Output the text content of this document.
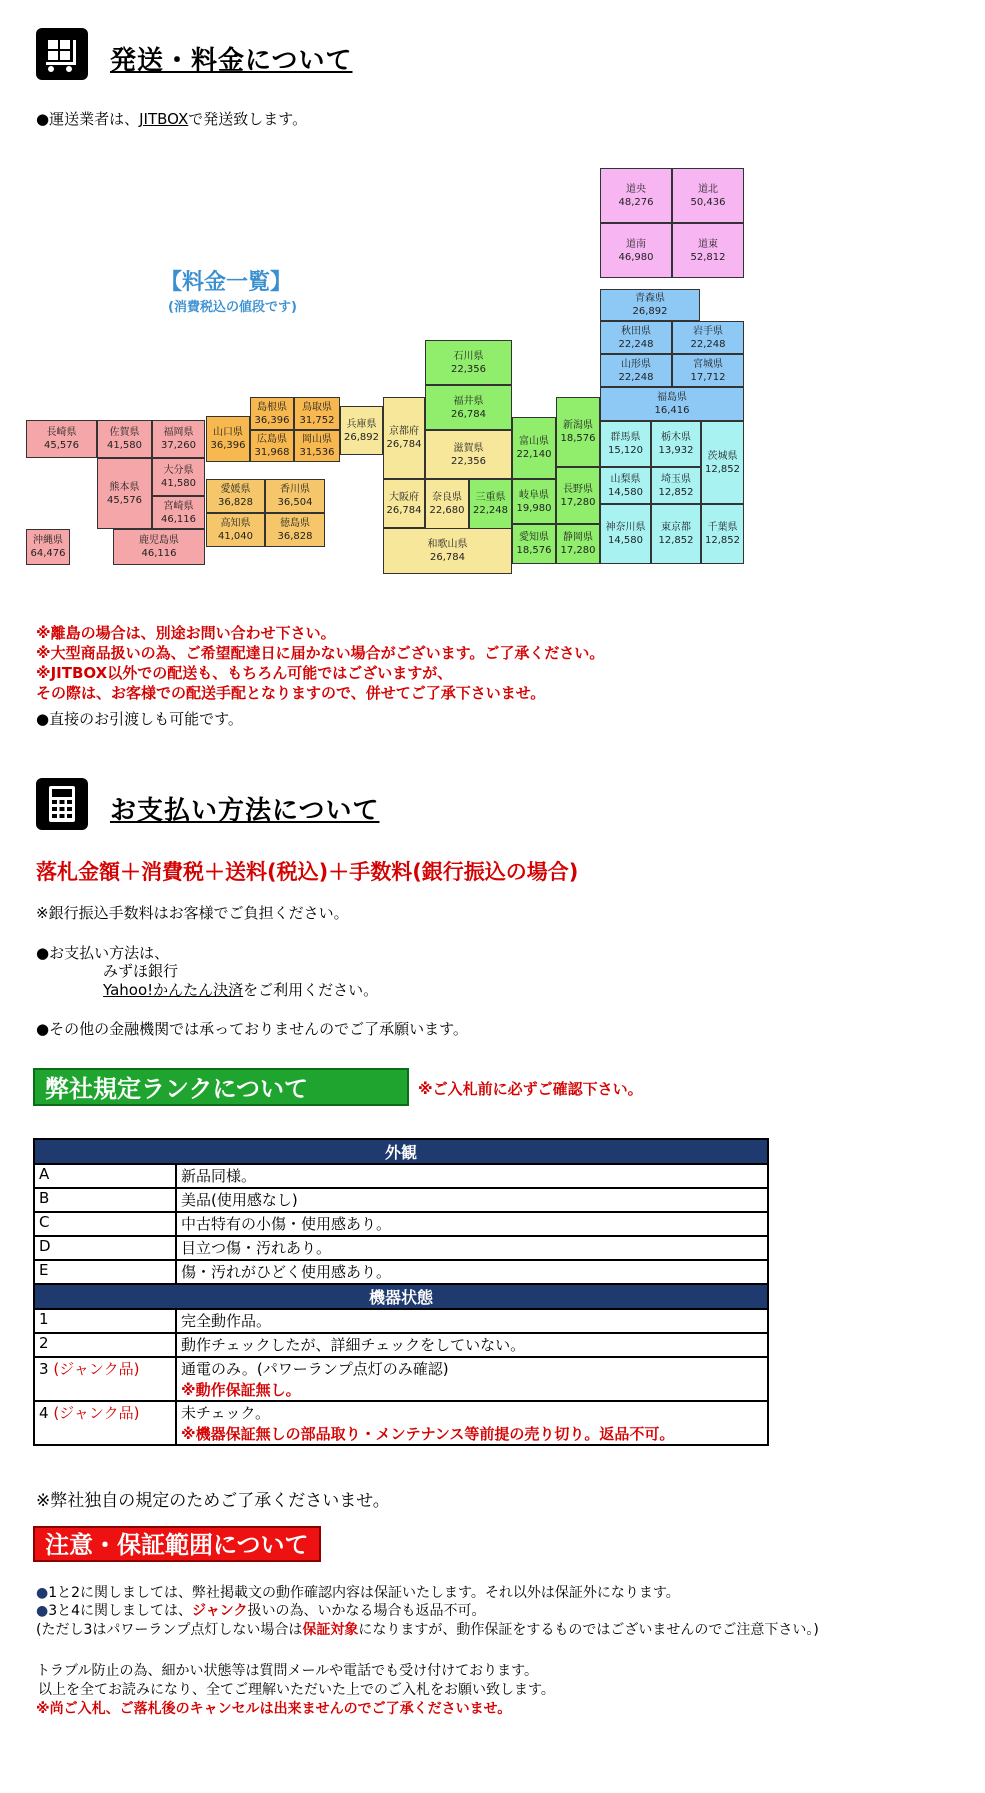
発送・料金について
●運送業者は、JITBOXで発送致します。
【料金一覧】
(消費税込の値段です)
道央
48,276
道北
50,436
道南
46,980
道東
52,812
青森県
26,892
秋田県
22,248
岩手県
22,248
山形県
22,248
宮城県
17,712
福島県
16,416
新潟県
18,576 群馬県
15,120
栃木県
13,932 茨城県
12,852
山梨県
14,580
埼玉県
12,852
長野県
17,280
静岡県
17,280
神奈川県
14,580
東京都
12,852
千葉県
12,852
石川県
22,356
福井県
26,784
富山県
22,140
岐阜県
19,980
愛知県
18,576
三重県
22,248
滋賀県
22,356
京都府
26,784
大阪府
26,784
奈良県
22,680
和歌山県
26,784
兵庫県
26,892
島根県
36,396
鳥取県
31,752
山口県
36,396
広島県
31,968
岡山県
31,536
愛媛県
36,828
香川県
36,504
高知県
41,040
徳島県
36,828
長崎県
45,576
佐賀県
41,580
福岡県
37,260
熊本県
45,576
大分県
41,580
宮崎県
46,116
鹿児島県
46,116
沖縄県
64,476
※離島の場合は、別途お問い合わせ下さい。
※大型商品扱いの為、ご希望配達日に届かない場合がございます。ご了承ください。
※JITBOX以外での配送も、もちろん可能ではございますが、
その際は、お客様での配送手配となりますので、併せてご了承下さいませ。
●直接のお引渡しも可能です。
お支払い方法について
落札金額＋消費税＋送料(税込)＋手数料(銀行振込の場合)
※銀行振込手数料はお客様でご負担ください。
●お支払い方法は、
みずほ銀行
Yahoo!かんたん決済をご利用ください。
●その他の金融機関では承っておりませんのでご了承願います。
弊社規定ランクについて	※ご入札前に必ずご確認下さい。
外観	
A	新品同様。
B	美品(使用感なし)
C	中古特有の小傷・使用感あり。
D	目立つ傷・汚れあり。
E	傷・汚れがひどく使用感あり。
機器状態	
1	完全動作品。
2	動作チェックしたが、詳細チェックをしていない。
3 (ジャンク品)	通電のみ。(パワーランプ点灯のみ確認)
※動作保証無し。

4 (ジャンク品)	未チェック。
※機器保証無しの部品取り・メンテナンス等前提の売り切り。返品不可。
※弊社独自の規定のためご了承くださいませ。
注意・保証範囲について
●1と2に関しましては、弊社掲載文の動作確認内容は保証いたします。それ以外は保証外になります。
●3と4に関しましては、ジャンク扱いの為、いかなる場合も返品不可。
(ただし3はパワーランプ点灯しない場合は保証対象になりますが、動作保証をするものではございませんのでご注意下さい。)
トラブル防止の為、細かい状態等は質問メールや電話でも受け付けております。
以上を全てお読みになり、全てご理解いただいた上でのご入札をお願い致します。
※尚ご入札、ご落札後のキャンセルは出来ませんのでご了承くださいませ。
